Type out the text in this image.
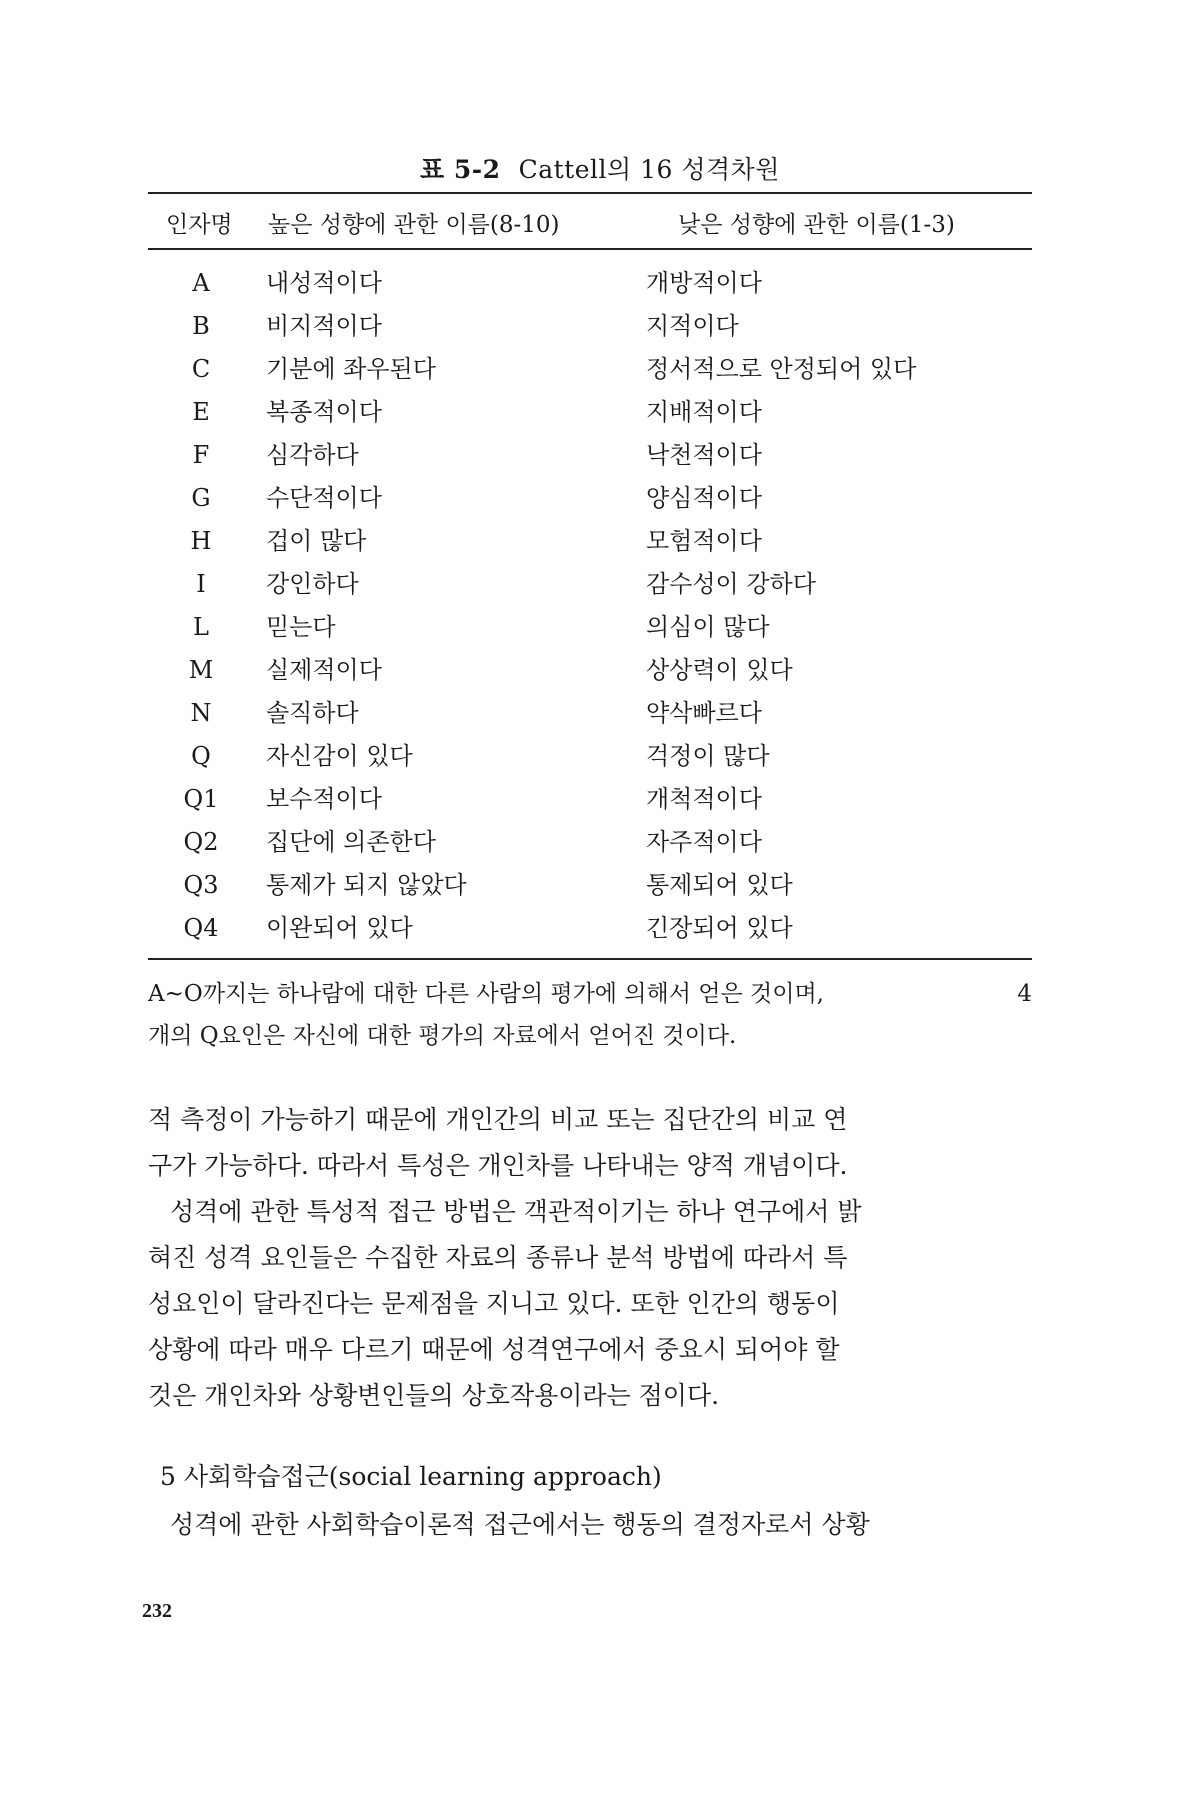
표 5-2 Cattell의 16 성격차원
인자명 높은 성향에 관한 이름(8-10)	낮은 성향에 관한 이름(1-3)
A	내성적이다	개방적이다
B	비지적이다	지적이다
C	기분에 좌우된다	정서적으로 안정되어 있다
E	복종적이다	지배적이다
F	심각하다	낙천적이다
G	수단적이다	양심적이다
H	겁이 많다	모험적이다
I	강인하다	감수성이 강하다
L	믿는다	의심이 많다
M	실제적이다	상상력이 있다
N	솔직하다	약삭빠르다
Q	자신감이 있다	걱정이 많다
Q1	보수적이다	개척적이다
Q2	집단에 의존한다	자주적이다
Q3	통제가 되지 않았다	통제되어 있다
Q4	이완되어 있다	긴장되어 있다
A~O까지는 하나람에 대한 다른 사람의 평가에 의해서 얻은 것이며,	4
개의 Q요인은 자신에 대한 평가의 자료에서 얻어진 것이다.
적 측정이 가능하기 때문에 개인간의 비교 또는 집단간의 비교 연
구가 가능하다. 따라서 특성은 개인차를 나타내는 양적 개념이다.
성격에 관한 특성적 접근 방법은 객관적이기는 하나 연구에서 밝
혀진 성격 요인들은 수집한 자료의 종류나 분석 방법에 따라서 특
성요인이 달라진다는 문제점을 지니고 있다. 또한 인간의 행동이
상황에 따라 매우 다르기 때문에 성격연구에서 중요시 되어야 할
것은 개인차와 상황변인들의 상호작용이라는 점이다.
5 사회학습접근(social learning approach)
성격에 관한 사회학습이론적 접근에서는 행동의 결정자로서 상황
232
